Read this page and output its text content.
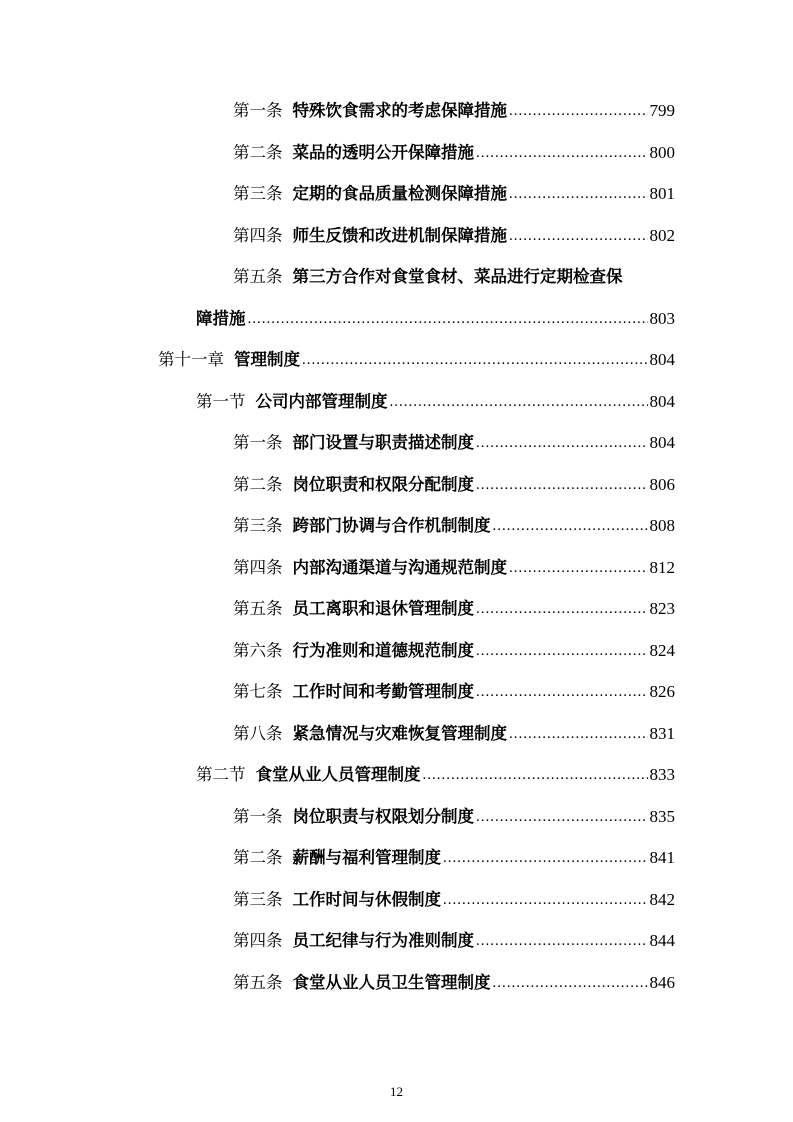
第一条 特殊饮食需求的考虑保障措施 .....	799
第二条 菜品的透明公开保障措施 .....	800
第三条 定期的食品质量检测保障措施 .....	801
第四条 师生反馈和改进机制保障措施 .....	802
第五条 第三方合作对食堂食材、菜品进行定期检查保
障措施 .....	803
第十一章 管理制度 .....	804
第一节 公司内部管理制度 .....	804
第一条 部门设置与职责描述制度 .....	804
第二条 岗位职责和权限分配制度 .....	806
第三条 跨部门协调与合作机制制度 .....	808
第四条 内部沟通渠道与沟通规范制度 .....	812
第五条 员工离职和退休管理制度 .....	823
第六条 行为准则和道德规范制度 .....	824
第七条 工作时间和考勤管理制度 .....	826
第八条 紧急情况与灾难恢复管理制度 .....	831
第二节 食堂从业人员管理制度 .....	833
第一条 岗位职责与权限划分制度 .....	835
第二条 薪酬与福利管理制度 .....	841
第三条 工作时间与休假制度 .....	842
第四条 员工纪律与行为准则制度 .....	844
第五条 食堂从业人员卫生管理制度 .....	846
12
